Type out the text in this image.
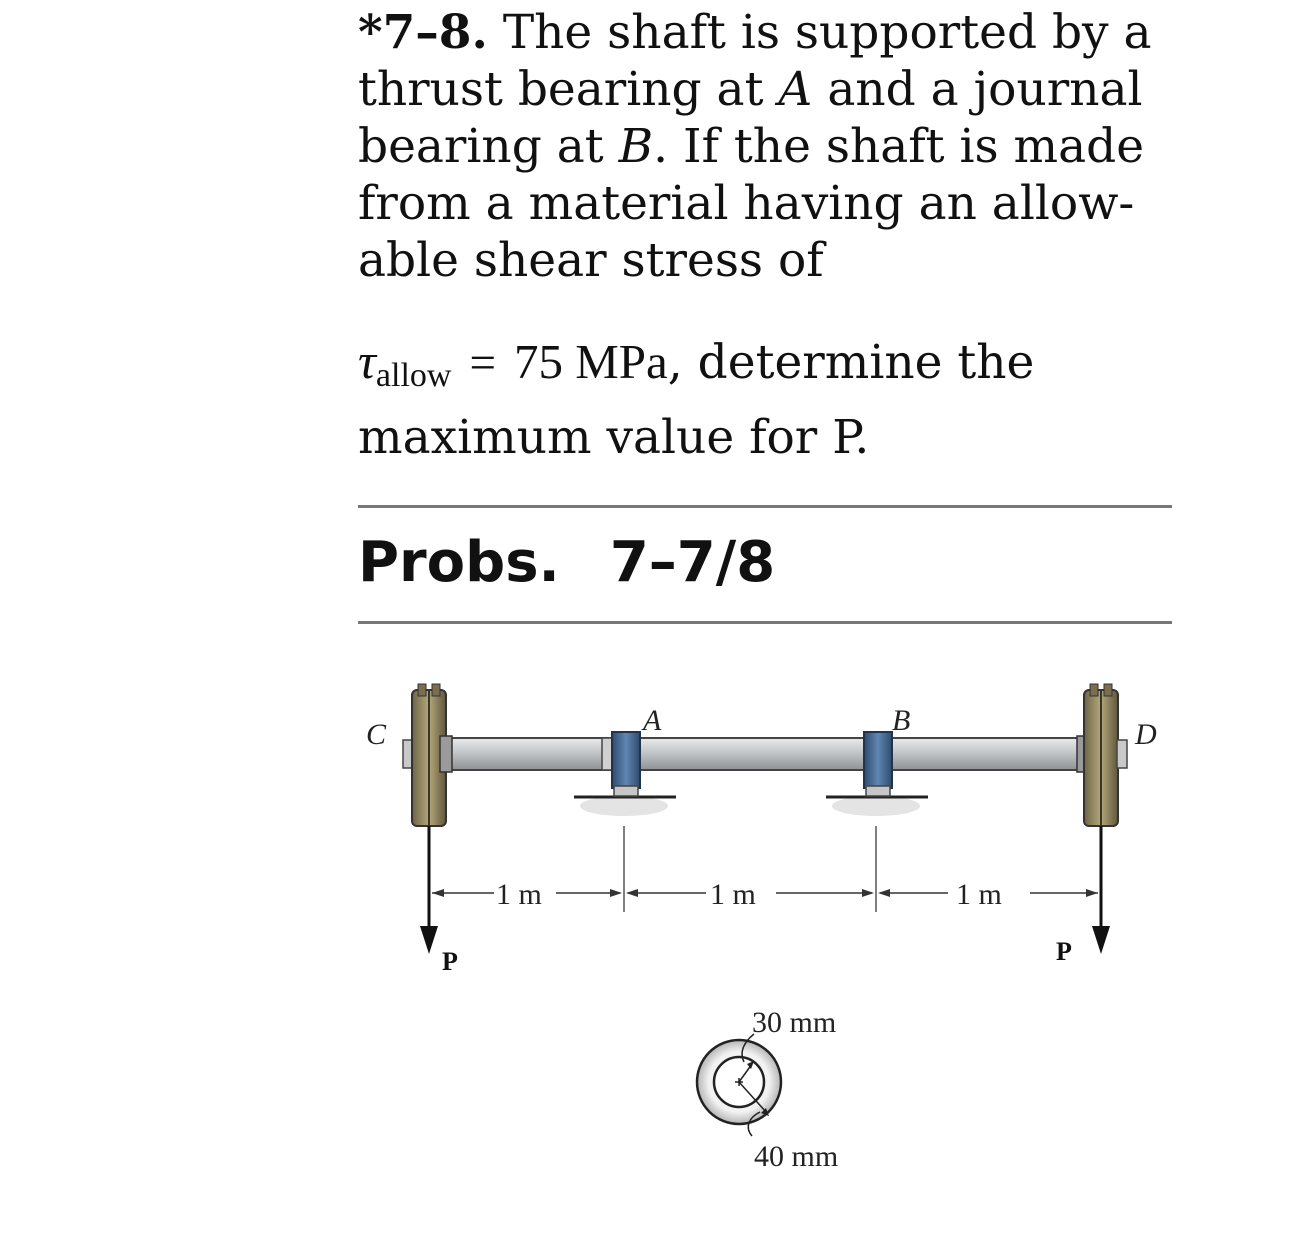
*7–8. The shaft is supported by a
thrust bearing at A and a journal
bearing at B. If the shaft is made
from a material having an allow-
able shear stress of
τallow = 75 MPa, determine the
maximum value for P.
Probs. 7–7/8
C	A	B	D
P	P
1 m	1 m	1 m
30 mm
40 mm
